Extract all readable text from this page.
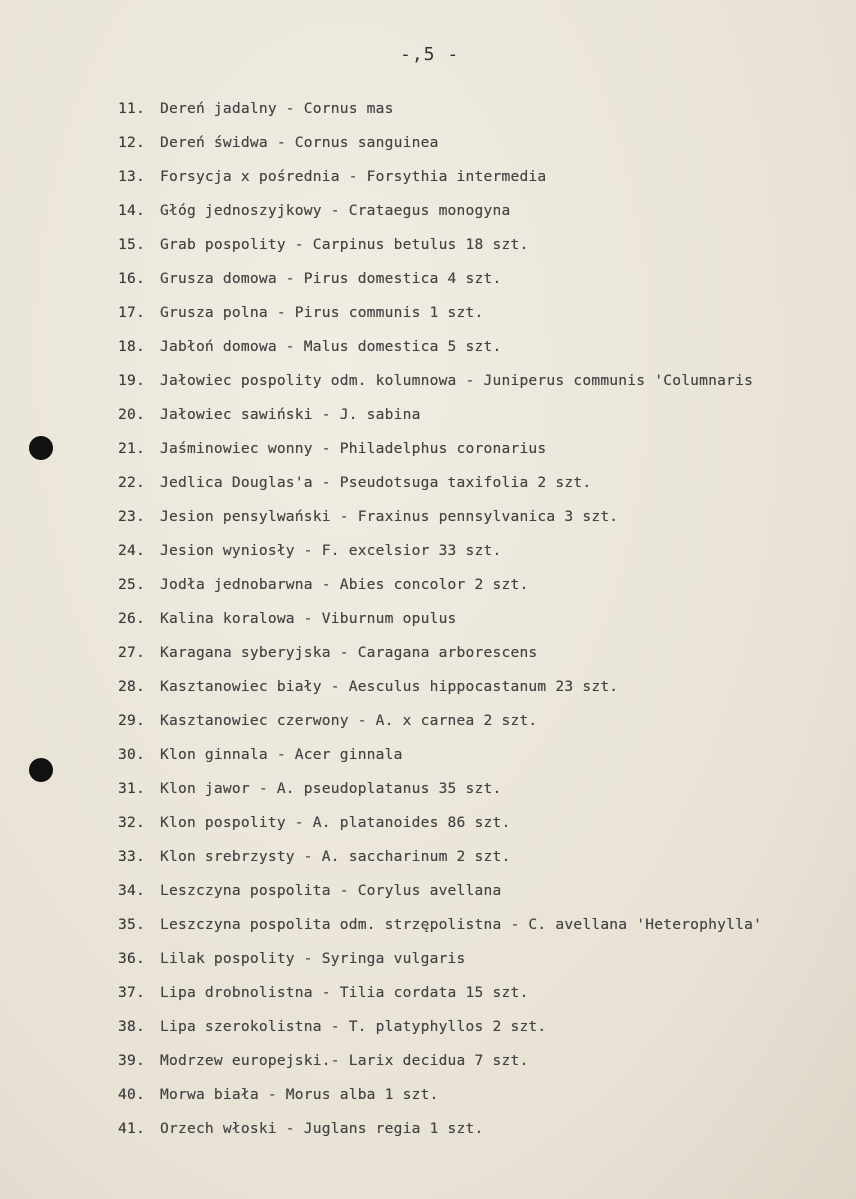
-,5 -
11. Dereń jadalny - Cornus mas
12. Dereń świdwa - Cornus sanguinea
13. Forsycja x pośrednia - Forsythia intermedia
14. Głóg jednoszyjkowy - Crataegus monogyna
15. Grab pospolity - Carpinus betulus 18 szt.
16. Grusza domowa - Pirus domestica 4 szt.
17. Grusza polna - Pirus communis 1 szt.
18. Jabłoń domowa - Malus domestica 5 szt.
19. Jałowiec pospolity odm. kolumnowa - Juniperus communis 'Columnaris
20. Jałowiec sawiński - J. sabina
21. Jaśminowiec wonny - Philadelphus coronarius
22. Jedlica Douglas'a - Pseudotsuga taxifolia 2 szt.
23. Jesion pensylwański - Fraxinus pennsylvanica 3 szt.
24. Jesion wyniosły - F. excelsior 33 szt.
25. Jodła jednobarwna - Abies concolor 2 szt.
26. Kalina koralowa - Viburnum opulus
27. Karagana syberyjska - Caragana arborescens
28. Kasztanowiec biały - Aesculus hippocastanum 23 szt.
29. Kasztanowiec czerwony - A. x carnea 2 szt.
30. Klon ginnala - Acer ginnala
31. Klon jawor - A. pseudoplatanus 35 szt.
32. Klon pospolity - A. platanoides 86 szt.
33. Klon srebrzysty - A. saccharinum 2 szt.
34. Leszczyna pospolita - Corylus avellana
35. Leszczyna pospolita odm. strzępolistna - C. avellana 'Heterophylla'
36. Lilak pospolity - Syringa vulgaris
37. Lipa drobnolistna - Tilia cordata 15 szt.
38. Lipa szerokolistna - T. platyphyllos 2 szt.
39. Modrzew europejski.- Larix decidua 7 szt.
40. Morwa biała - Morus alba 1 szt.
41. Orzech włoski - Juglans regia 1 szt.
